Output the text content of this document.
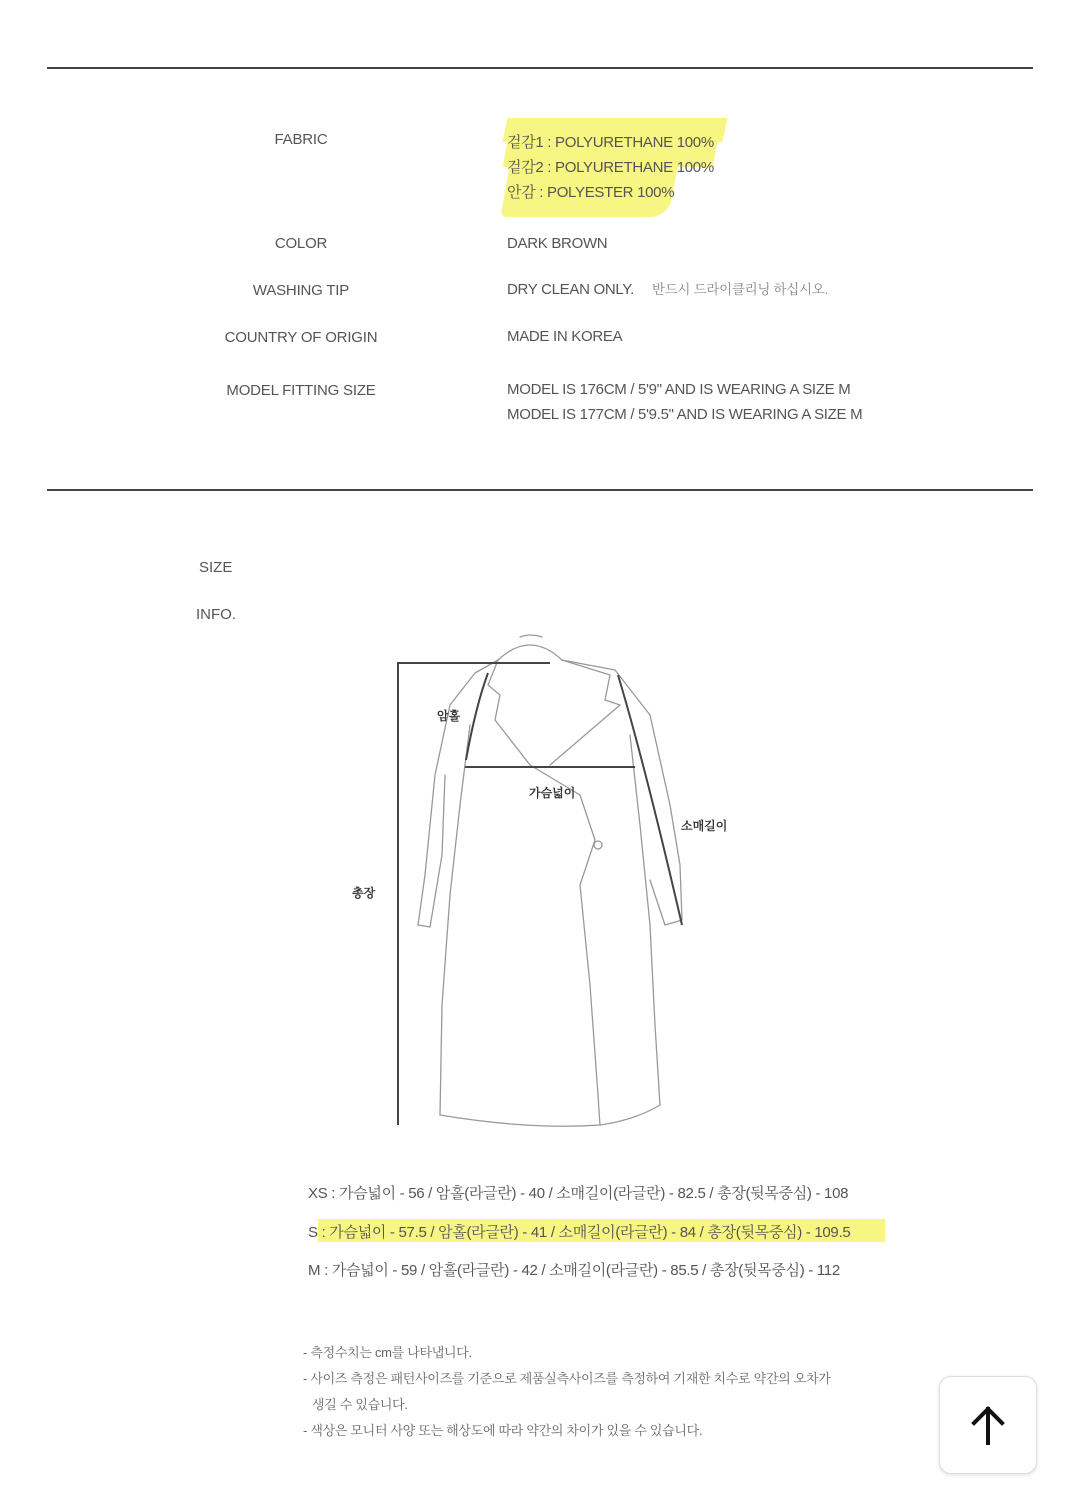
FABRIC	겉감1 : POLYURETHANE 100%
겉감2 : POLYURETHANE 100%
안감 : POLYESTER 100%
COLOR	DARK BROWN
WASHING TIP	DRY CLEAN ONLY. 반드시 드라이클리닝 하십시오.
COUNTRY OF ORIGIN	MADE IN KOREA
MODEL FITTING SIZE	MODEL IS 176CM / 5'9" AND IS WEARING A SIZE M
MODEL IS 177CM / 5'9.5" AND IS WEARING A SIZE M
SIZE
INFO.
암홀
가슴넓이
소매길이
총장
XS : 가슴넓이 - 56 / 암홀(라글란) - 40 / 소매길이(라글란) - 82.5 / 총장(뒷목중심) - 108
S : 가슴넓이 - 57.5 / 암홀(라글란) - 41 / 소매길이(라글란) - 84 / 총장(뒷목중심) - 109.5
M : 가슴넓이 - 59 / 암홀(라글란) - 42 / 소매길이(라글란) - 85.5 / 총장(뒷목중심) - 112
- 측정수치는 cm를 나타냅니다.
- 사이즈 측정은 패턴사이즈를 기준으로 제품실측사이즈를 측정하여 기재한 치수로 약간의 오차가
생길 수 있습니다.
- 색상은 모니터 사양 또는 해상도에 따라 약간의 차이가 있을 수 있습니다.
